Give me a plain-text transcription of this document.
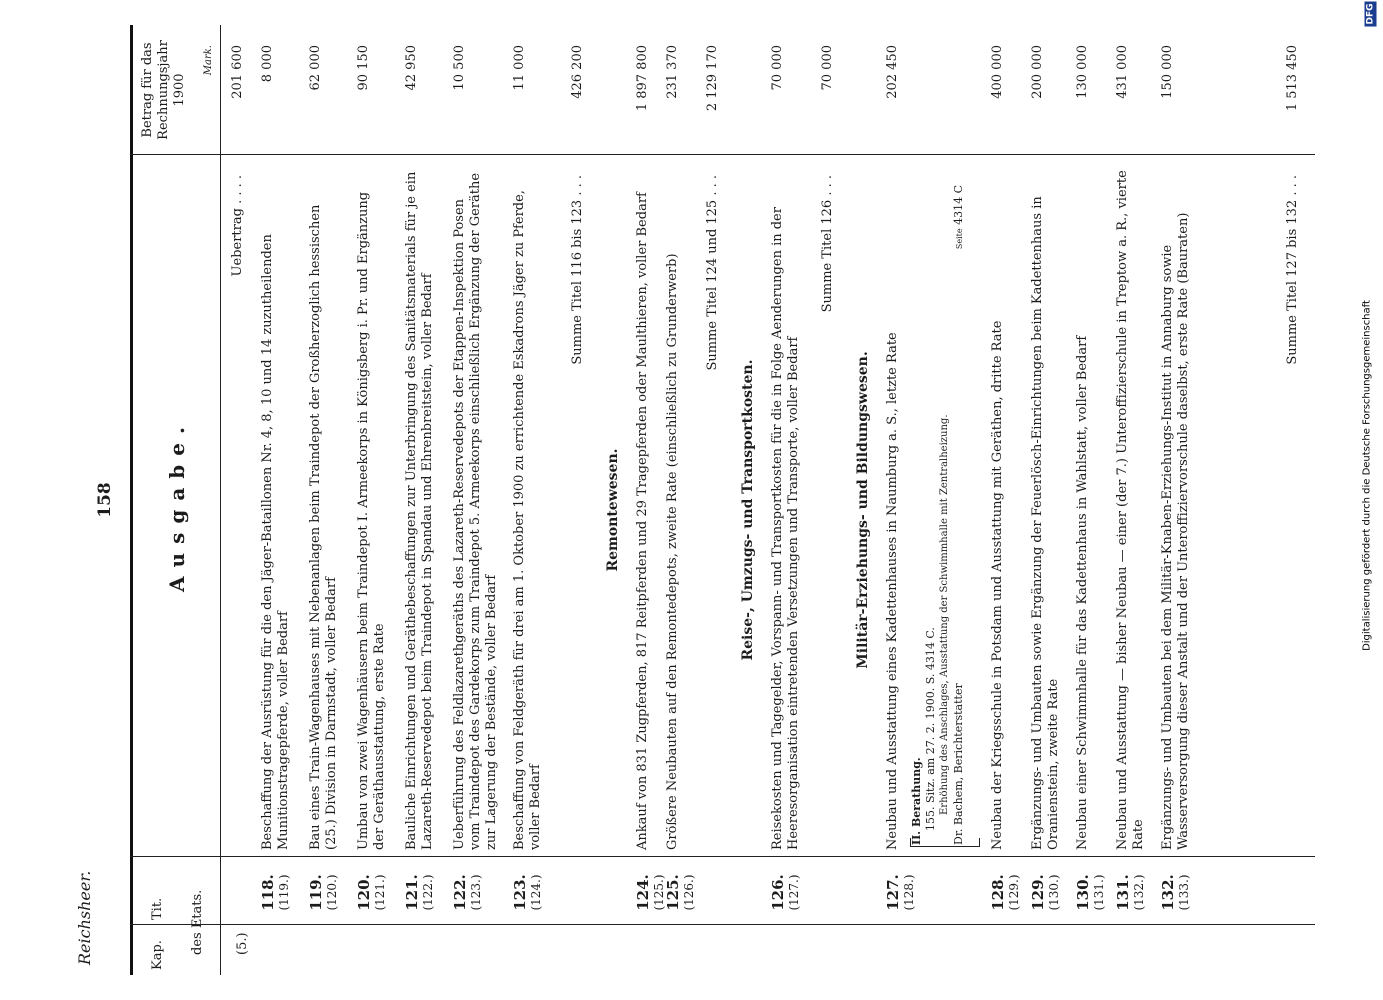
Reichsheer.
158
Kap.
Tit. des Etats.
Betrag für das Rechnungsjahr 1900
Mark.
Ausgabe.
(5.)
Uebertrag . . . .
201 600
118. (119.)
Beschaffung der Ausrüstung für die den Jäger-Bataillonen Nr. 4, 8, 10 und 14 zuzutheilenden Munitionstragepferde, voller Bedarf
8 000
119. (120.)
Bau eines Train-Wagenhauses mit Nebenanlagen beim Traindepot der Großherzoglich hessischen (25.) Division in Darmstadt, voller Bedarf
62 000
120. (121.)
Umbau von zwei Wagenhäusern beim Traindepot I. Armeekorps in Königsberg i. Pr. und Ergänzung der Geräthausstattung, erste Rate
90 150
121. (122.)
Bauliche Einrichtungen und Geräthebeschaffungen zur Unterbringung des Sanitätsmaterials für je ein Lazareth-Reservedepot beim Traindepot in Spandau und Ehrenbreitstein, voller Bedarf
42 950
122. (123.)
Ueberführung des Feldlazarethgeräths des Lazareth-Reservedepots der Etappen-Inspektion Posen vom Traindepot des Gardekorps zum Traindepot 5. Armeekorps einschließlich Ergänzung der Geräthe zur Lagerung der Bestände, voller Bedarf
10 500
123. (124.)
Beschaffung von Feldgeräth für drei am 1. Oktober 1900 zu errichtende Eskadrons Jäger zu Pferde, voller Bedarf
11 000
Summe Titel 116 bis 123 . . .
426 200
Remontewesen.
124. (125.)
Ankauf von 831 Zugpferden, 817 Reitpferden und 29 Tragepferden oder Maulthieren, voller Bedarf
1 897 800
125. (126.)
Größere Neubauten auf den Remontedepots, zweite Rate (einschließlich zu Grunderwerb)
231 370
Summe Titel 124 und 125 . . .
2 129 170
Reise-, Umzugs- und Transportkosten.
126. (127.)
Reisekosten und Tagegelder, Vorspann- und Transportkosten für die in Folge Aenderungen in der Heeresorganisation eintretenden Versetzungen und Transporte, voller Bedarf
70 000
Summe Titel 126 . . .
70 000
Militär-Erziehungs- und Bildungswesen.
127. (128.)
Neubau und Ausstattung eines Kadettenhauses in Naumburg a. S., letzte Rate
202 450
II. Berathung. 155. Sitz. am 27. 2. 1900. S. 4314 C. Erhöhung des Anschlages, Ausstattung der Schwimmhalle mit Zentralheizung. Dr. Bachem, Berichterstatter
Seite 4314 C
128. (129.)
Neubau der Kriegsschule in Potsdam und Ausstattung mit Geräthen, dritte Rate
400 000
129. (130.)
Ergänzungs- und Umbauten sowie Ergänzung der Feuerlösch-Einrichtungen beim Kadettenhaus in Oranienstein, zweite Rate
200 000
130. (131.)
Neubau einer Schwimmhalle für das Kadettenhaus in Wahlstatt, voller Bedarf
130 000
131. (132.)
Neubau und Ausstattung — bisher Neubau — einer (der 7.) Unteroffizierschule in Treptow a. R., vierte Rate
431 000
132. (133.)
Ergänzungs- und Umbauten bei dem Militär-Knaben-Erziehungs-Institut in Annaburg sowie Wasserversorgung dieser Anstalt und der Unteroffiziervorschule daselbst, erste Rate (Bauraten)
150 000
Summe Titel 127 bis 132 . . .
1 513 450
DFG
Digitalisierung gefördert durch die Deutsche Forschungsgemeinschaft
